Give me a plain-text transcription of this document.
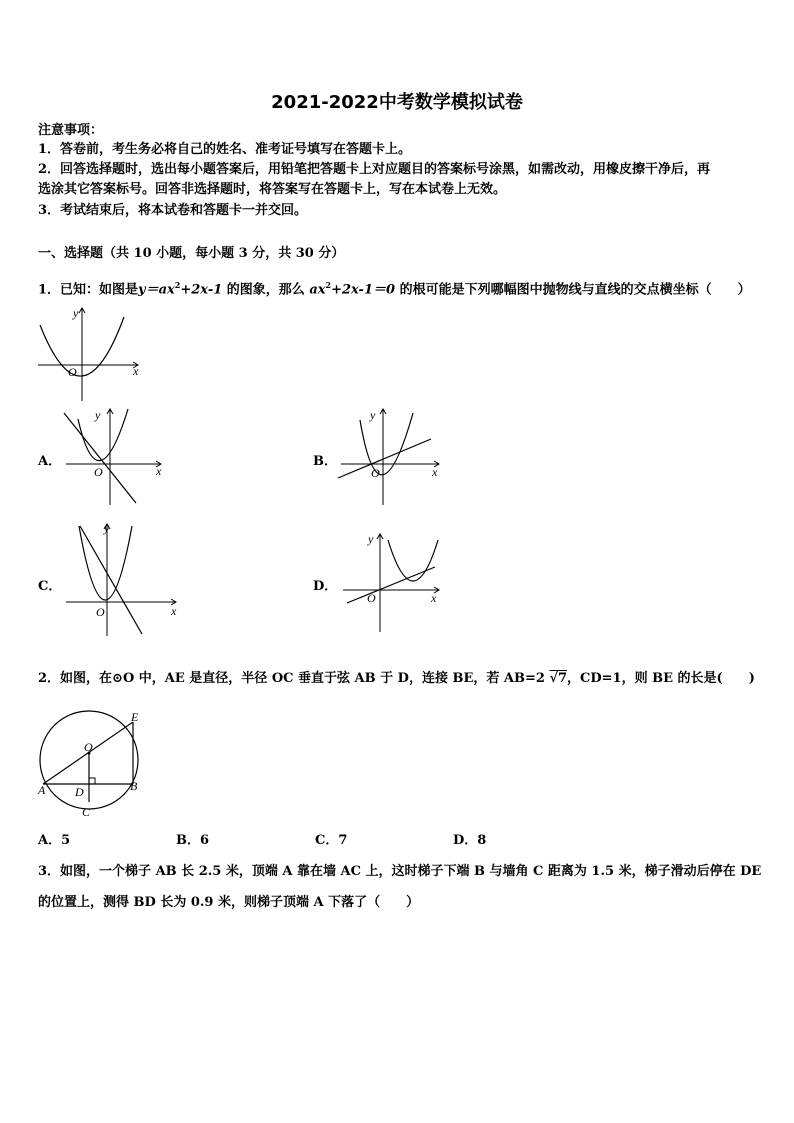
2021-2022中考数学模拟试卷
注意事项：
1．答卷前，考生务必将自己的姓名、准考证号填写在答题卡上。
2．回答选择题时，选出每小题答案后，用铅笔把答题卡上对应题目的答案标号涂黑，如需改动，用橡皮擦干净后，再
选涂其它答案标号。回答非选择题时，将答案写在答题卡上，写在本试卷上无效。
3．考试结束后，将本试卷和答题卡一并交回。
一、选择题（共 10 小题，每小题 3 分，共 30 分）
1．已知：如图是$y=ax^2+2x-1$ 的图象，那么 $ax^2+2x-1=0$ 的根可能是下列哪幅图中抛物线与直线的交点横坐标（　　）
x
y
O
A．
x
y
O
B．
x
y
O
C．
x
y
O
D．
x
y
O
2．如图，在⊙O 中，AE 是直径，半径 OC 垂直于弦 AB 于 D，连接 BE，若 AB=2 √7，CD=1，则 BE 的长是(　　)
E
O
A D	B
C
A．5	B．6	C．7	D．8
3．如图，一个梯子 AB 长 2.5 米，顶端 A 靠在墙 AC 上，这时梯子下端 B 与墙角 C 距离为 1.5 米，梯子滑动后停在 DE
的位置上，测得 BD 长为 0.9 米，则梯子顶端 A 下落了（　　）
